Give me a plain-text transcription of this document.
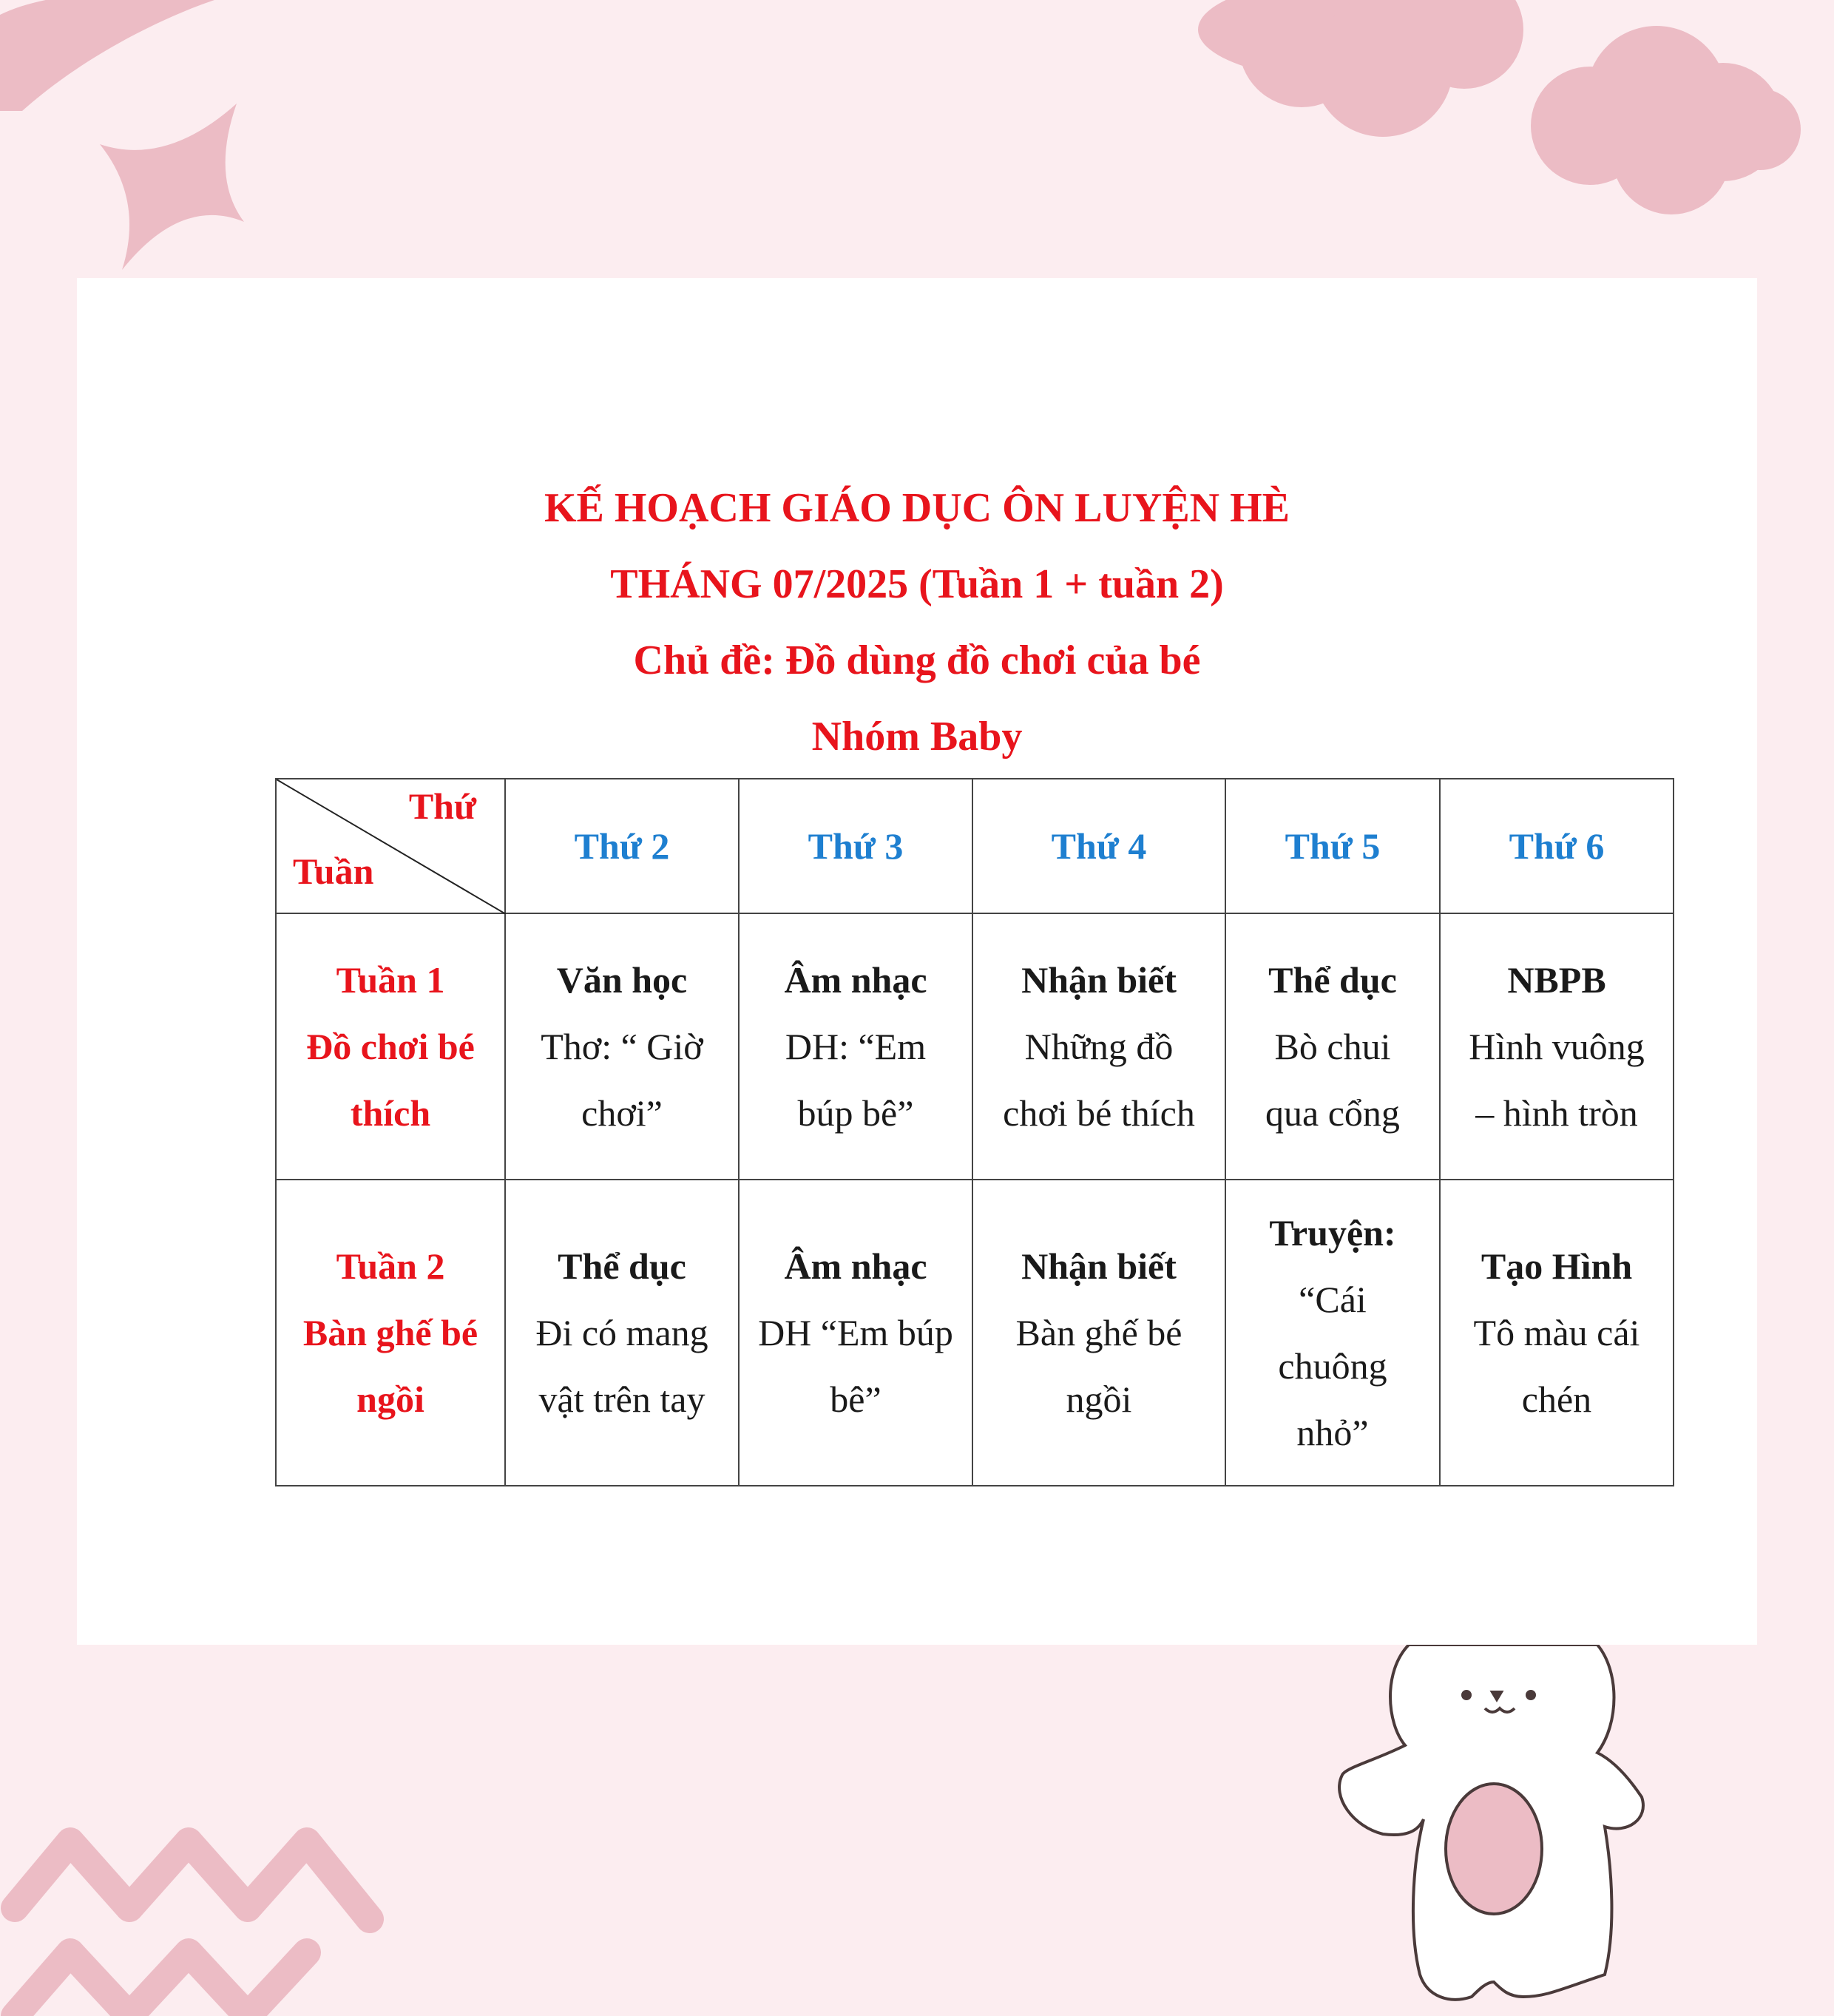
KẾ HOẠCH GIÁO DỤC ÔN LUYỆN HÈ
THÁNG 07/2025 (Tuần 1 + tuần 2)
Chủ đề: Đồ dùng đồ chơi của bé
Nhóm Baby
Thứ
Tuần	Thứ 2	Thứ 3	Thứ 4	Thứ 5	Thứ 6

Tuần 1
Đồ chơi bé
thích	Văn học
Thơ: “ Giờ
chơi”	Âm nhạc
DH: “Em
búp bê”	Nhận biết
Những đồ
chơi bé thích	Thể dục
Bò chui
qua cổng	NBPB
Hình vuông
– hình tròn

Tuần 2
Bàn ghế bé
ngồi	Thể dục
Đi có mang
vật trên tay	Âm nhạc
DH “Em búp
bê”	Nhận biết
Bàn ghế bé
ngồi	Truyện:
“Cái
chuông
nhỏ”	Tạo Hình
Tô màu cái
chén
